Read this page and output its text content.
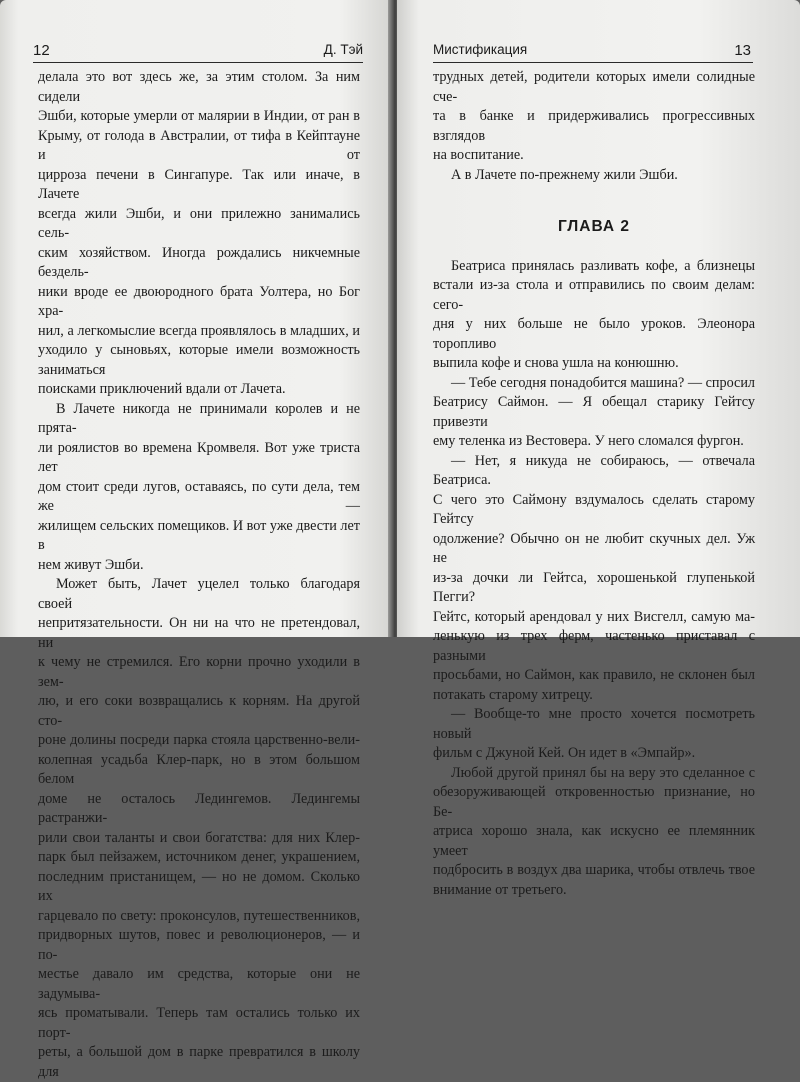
12	Д. Тэй

делала это вот здесь же, за этим столом. За ним сидели

Эшби, которые умерли от малярии в Индии, от ран в

Крыму, от голода в Австралии, от тифа в Кейптауне и от

цирроза печени в Сингапуре. Так или иначе, в Лачете

всегда жили Эшби, и они прилежно занимались сель-

ским хозяйством. Иногда рождались никчемные бездель-

ники вроде ее двоюродного брата Уолтера, но Бог хра-

нил, а легкомыслие всегда проявлялось в младших, и

уходило у сыновьях, которые имели возможность заниматься

поисками приключений вдали от Лачета.

В Лачете никогда не принимали королев и не прята-

ли роялистов во времена Кромвеля. Вот уже триста лет

дом стоит среди лугов, оставаясь, по сути дела, тем же —

жилищем сельских помещиков. И вот уже двести лет в

нем живут Эшби.

Может быть, Лачет уцелел только благодаря своей

непритязательности. Он ни на что не претендовал, ни

к чему не стремился. Его корни прочно уходили в зем-

лю, и его соки возвращались к корням. На другой сто-

роне долины посреди парка стояла царственно-вели-

колепная усадьба Клер-парк, но в этом большом белом

доме не осталось Ледингемов. Ледингемы растранжи-

рили свои таланты и свои богатства: для них Клер-

парк был пейзажем, источником денег, украшением,

последним пристанищем, — но не домом. Сколько их

гарцевало по свету: проконсулов, путешественников,

придворных шутов, повес и революционеров, — и по-

местье давало им средства, которые они не задумыва-

ясь проматывали. Теперь там остались только их порт-

реты, а большой дом в парке превратился в школу для

Мистификация	13

трудных детей, родители которых имели солидные сче-

та в банке и придерживались прогрессивных взглядов

на воспитание.

А в Лачете по-прежнему жили Эшби.

ГЛАВА 2

Беатриса принялась разливать кофе, а близнецы

встали из-за стола и отправились по своим делам: сего-

дня у них больше не было уроков. Элеонора торопливо

выпила кофе и снова ушла на конюшню.

— Тебе сегодня понадобится машина? — спросил

Беатрису Саймон. — Я обещал старику Гейтсу привезти

ему теленка из Вестовера. У него сломался фургон.

— Нет, я никуда не собираюсь, — отвечала Беатриса.

С чего это Саймону вздумалось сделать старому Гейтсу

одолжение? Обычно он не любит скучных дел. Уж не

из-за дочки ли Гейтса, хорошенькой глупенькой Пегги?

Гейтс, который арендовал у них Висгелл, самую ма-

ленькую из трех ферм, частенько приставал с разными

просьбами, но Саймон, как правило, не склонен был

потакать старому хитрецу.

— Вообще-то мне просто хочется посмотреть новый

фильм с Джуной Кей. Он идет в «Эмпайр».

Любой другой принял бы на веру это сделанное с

обезоруживающей откровенностью признание, но Бе-

атриса хорошо знала, как искусно ее племянник умеет

подбросить в воздух два шарика, чтобы отвлечь твое

внимание от третьего.
